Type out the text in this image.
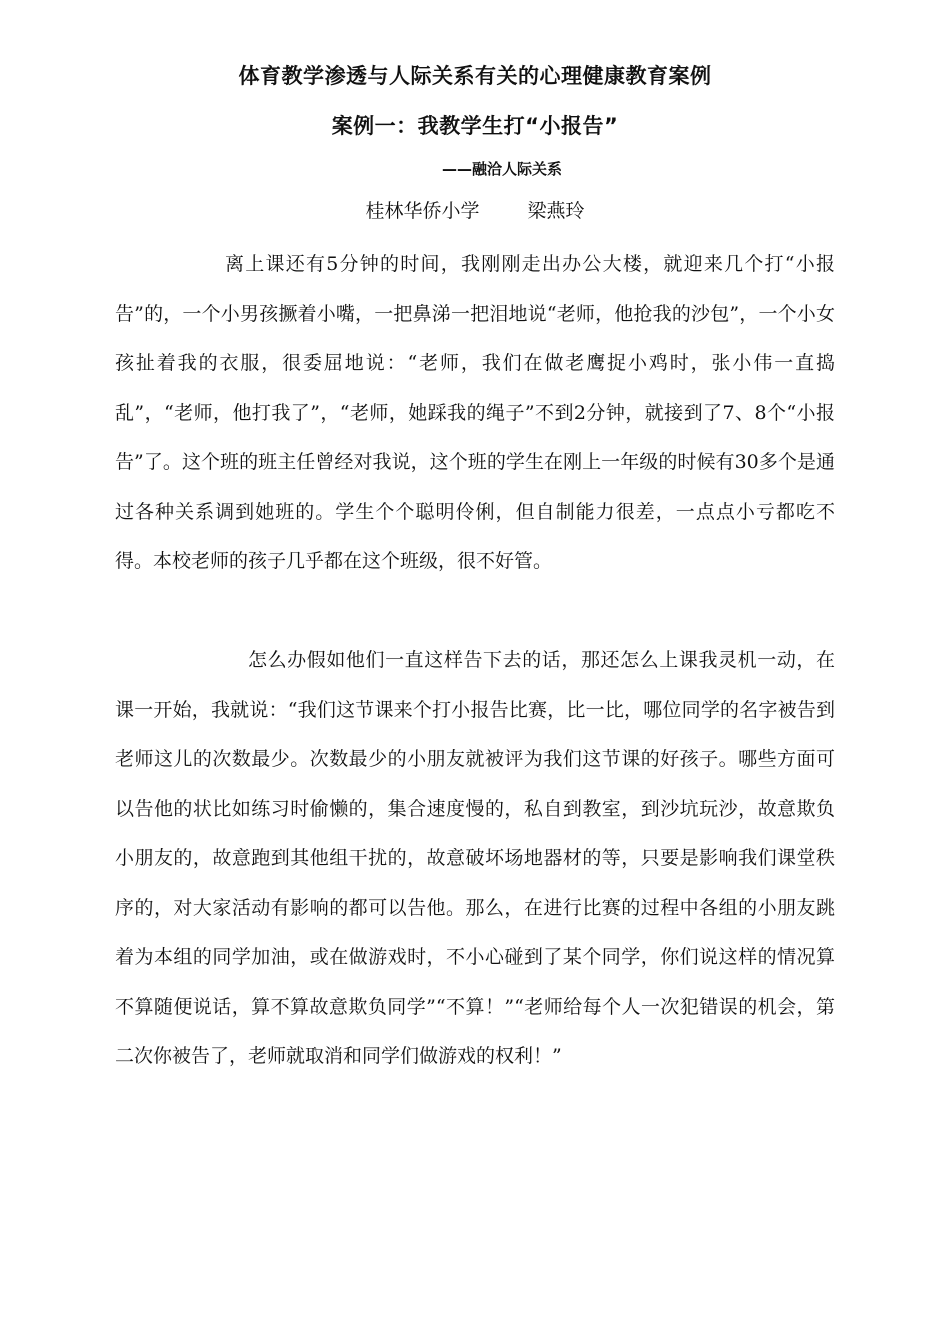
体育教学渗透与人际关系有关的心理健康教育案例
案例一：我教学生打“小报告”
——融洽人际关系
桂林华侨小学	梁燕玲

离上课还有5分钟的时间，我刚刚走出办公大楼，就迎来几个打“小报告”的，一个小男孩撅着小嘴，一把鼻涕一把泪地说“老师，他抢我的沙包”，一个小女孩扯着我的衣服，很委屈地说：“老师，我们在做老鹰捉小鸡时，张小伟一直捣乱”，“老师，他打我了”，“老师，她踩我的绳子”不到2分钟，就接到了7、8个“小报告”了。这个班的班主任曾经对我说，这个班的学生在刚上一年级的时候有30多个是通过各种关系调到她班的。学生个个聪明伶俐，但自制能力很差，一点点小亏都吃不得。本校老师的孩子几乎都在这个班级，很不好管。

怎么办假如他们一直这样告下去的话，那还怎么上课我灵机一动，在课一开始，我就说：“我们这节课来个打小报告比赛，比一比，哪位同学的名字被告到老师这儿的次数最少。次数最少的小朋友就被评为我们这节课的好孩子。哪些方面可以告他的状比如练习时偷懒的，集合速度慢的，私自到教室，到沙坑玩沙，故意欺负小朋友的，故意跑到其他组干扰的，故意破坏场地器材的等，只要是影响我们课堂秩序的，对大家活动有影响的都可以告他。那么，在进行比赛的过程中各组的小朋友跳着为本组的同学加油，或在做游戏时，不小心碰到了某个同学，你们说这样的情况算不算随便说话，算不算故意欺负同学”“不算！”“老师给每个人一次犯错误的机会，第二次你被告了，老师就取消和同学们做游戏的权利！”
